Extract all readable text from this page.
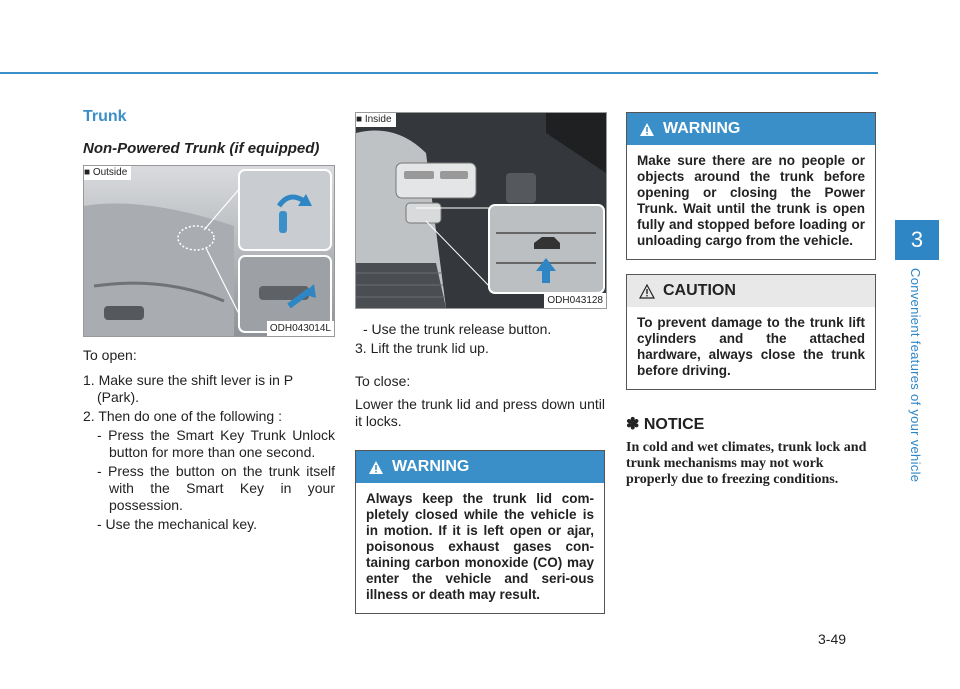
Trunk
Non-Powered Trunk (if equipped)
■ Outside
ODH043014L

To open:

1. Make sure the shift lever is in P (Park).

2. Then do one of the following :

- Press the Smart Key Trunk Unlock button for more than one second.

- Press the button on the trunk itself with the Smart Key in your possession.

- Use the mechanical key.

■ Inside
ODH043128

- Use the trunk release button.

3. Lift the trunk lid up.

To close:

Lower the trunk lid and press down until it locks.

WARNING
Always keep the trunk lid com-pletely closed while the vehicle is in motion. If it is left open or ajar, poisonous exhaust gases con-taining carbon monoxide (CO) may enter the vehicle and seri-ous illness or death may result.
WARNING
Make sure there are no people or objects around the trunk before opening or closing the Power Trunk. Wait until the trunk is open fully and stopped before loading or unloading cargo from the vehicle.
CAUTION
To prevent damage to the trunk lift cylinders and the attached hardware, always close the trunk before driving.
✽ NOTICE
In cold and wet climates, trunk lock and trunk mechanisms may not work properly due to freezing conditions.
3
Convenient features of your vehicle
3-49
